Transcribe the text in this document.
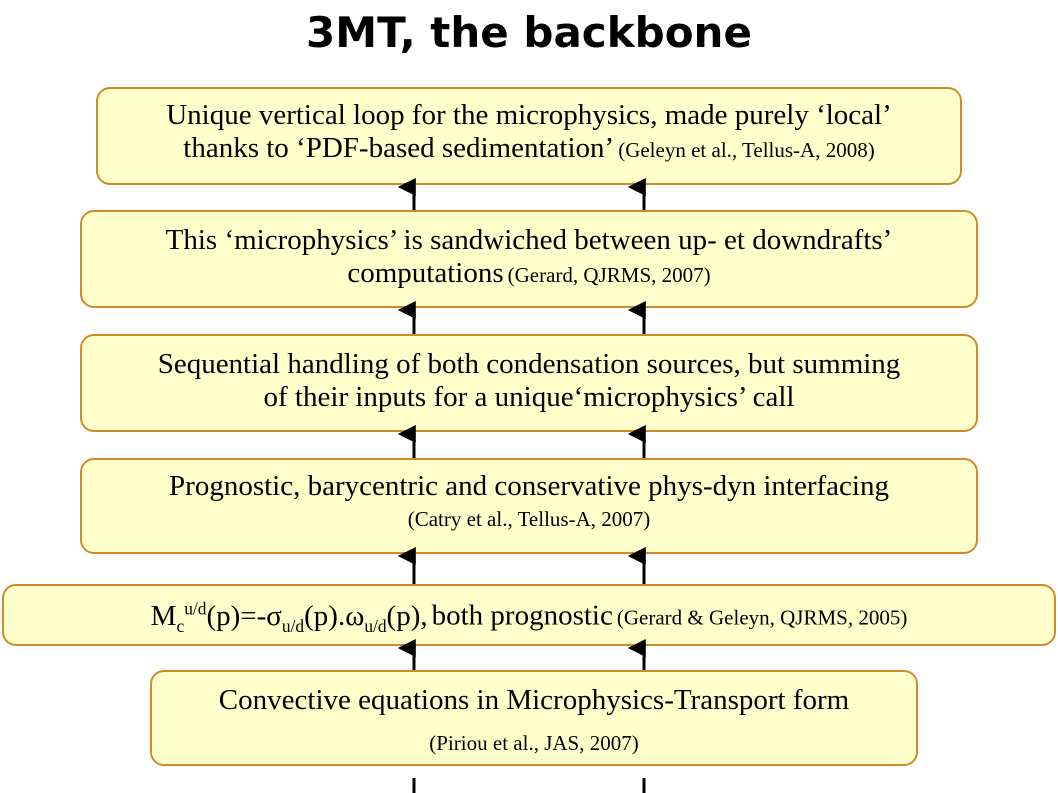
3MT, the backbone
Unique vertical loop for the microphysics, made purely ‘local’
thanks to ‘PDF-based sedimentation’ (Geleyn et al., Tellus-A, 2008)
This ‘microphysics’ is sandwiched between up- et downdrafts’
computations (Gerard, QJRMS, 2007)
Sequential handling of both condensation sources, but summing
of their inputs for a unique‘microphysics’ call
Prognostic, barycentric and conservative phys-dyn interfacing
(Catry et al., Tellus-A, 2007)
$M_c^{u/d}(p)=-\sigma_{u/d}(p).\omega_{u/d}(p)$, both prognostic (Gerard & Geleyn, QJRMS, 2005)
Convective equations in Microphysics-Transport form
(Piriou et al., JAS, 2007)
